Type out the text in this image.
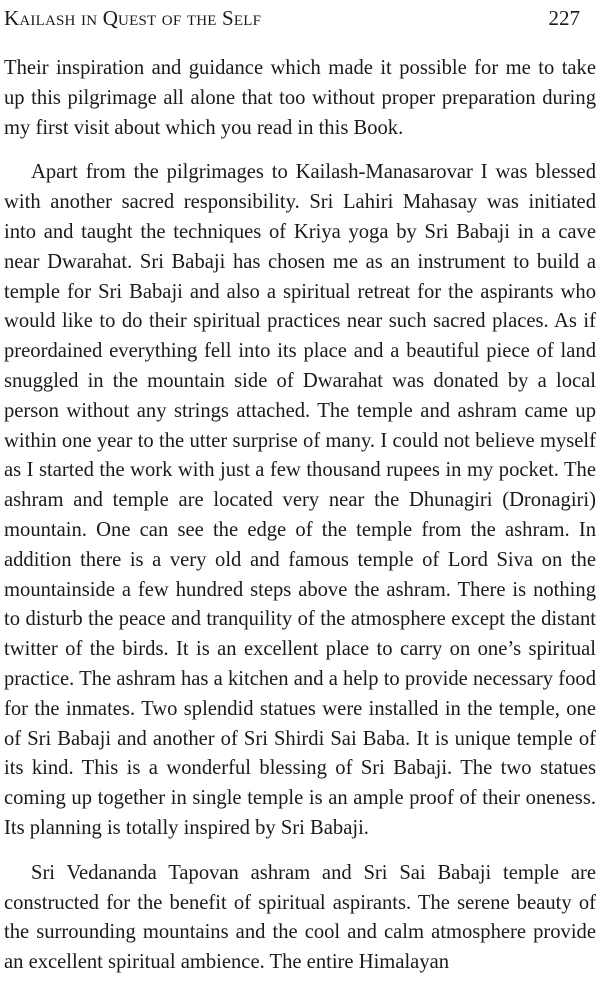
Kailash in Quest of the Self	227

Their inspiration and guidance which made it possible for me to take up this pilgrimage all alone that too without proper preparation during my first visit about which you read in this Book.

Apart from the pilgrimages to Kailash-Manasarovar I was blessed with another sacred responsibility. Sri Lahiri Mahasay was initiated into and taught the techniques of Kriya yoga by Sri Babaji in a cave near Dwarahat. Sri Babaji has chosen me as an instrument to build a temple for Sri Babaji and also a spiritual retreat for the aspirants who would like to do their spiritual practices near such sacred places. As if preordained everything fell into its place and a beautiful piece of land snuggled in the mountain side of Dwarahat was donated by a local person without any strings attached. The temple and ashram came up within one year to the utter surprise of many. I could not believe myself as I started the work with just a few thousand rupees in my pocket. The ashram and temple are located very near the Dhunagiri (Dronagiri) mountain. One can see the edge of the temple from the ashram. In addition there is a very old and famous temple of Lord Siva on the mountainside a few hundred steps above the ashram. There is nothing to disturb the peace and tranquility of the atmosphere except the distant twitter of the birds. It is an excellent place to carry on one’s spiritual practice. The ashram has a kitchen and a help to provide necessary food for the inmates. Two splendid statues were installed in the temple, one of Sri Babaji and another of Sri Shirdi Sai Baba. It is unique temple of its kind. This is a wonderful blessing of Sri Babaji. The two statues coming up together in single temple is an ample proof of their oneness. Its planning is totally inspired by Sri Babaji.

Sri Vedananda Tapovan ashram and Sri Sai Babaji temple are constructed for the benefit of spiritual aspirants. The serene beauty of the surrounding mountains and the cool and calm atmosphere provide an excellent spiritual ambience. The entire Himalayan
